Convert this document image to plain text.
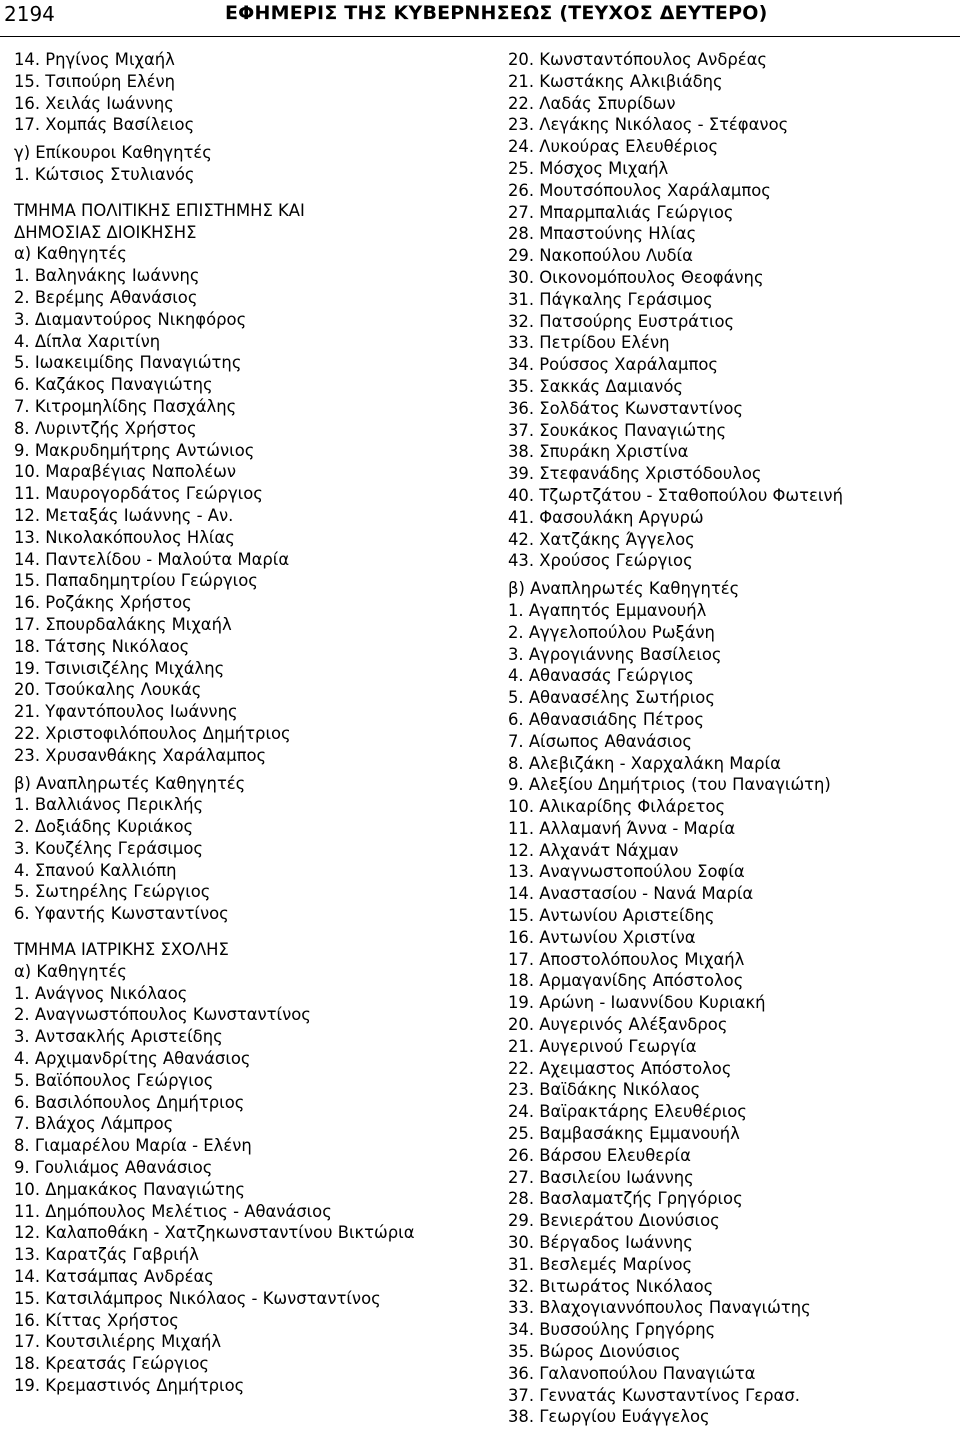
2194	ΕΦΗΜΕΡΙΣ ΤΗΣ ΚΥΒΕΡΝΗΣΕΩΣ (ΤΕΥΧΟΣ ΔΕΥΤΕΡΟ)
14. Ρηγίνος Μιχαήλ
15. Τσιπούρη Ελένη
16. Χειλάς Ιωάννης
17. Χομπάς Βασίλειος
γ) Επίκουροι Καθηγητές
1. Κώτσιος Στυλιανός
ΤΜΗΜΑ ΠΟΛΙΤΙΚΗΣ ΕΠΙΣΤΗΜΗΣ ΚΑΙ
ΔΗΜΟΣΙΑΣ ΔΙΟΙΚΗΣΗΣ
α) Καθηγητές
1. Βαληνάκης Ιωάννης
2. Βερέμης Αθανάσιος
3. Διαμαντούρος Νικηφόρος
4. Δίπλα Χαριτίνη
5. Ιωακειμίδης Παναγιώτης
6. Καζάκος Παναγιώτης
7. Κιτρομηλίδης Πασχάλης
8. Λυριντζής Χρήστος
9. Μακρυδημήτρης Αντώνιος
10. Μαραβέγιας Ναπολέων
11. Μαυρογορδάτος Γεώργιος
12. Μεταξάς Ιωάννης - Αν.
13. Νικολακόπουλος Ηλίας
14. Παντελίδου - Μαλούτα Μαρία
15. Παπαδημητρίου Γεώργιος
16. Ροζάκης Χρήστος
17. Σπουρδαλάκης Μιχαήλ
18. Τάτσης Νικόλαος
19. Τσινισιζέλης Μιχάλης
20. Τσούκαλης Λουκάς
21. Υφαντόπουλος Ιωάννης
22. Χριστοφιλόπουλος Δημήτριος
23. Χρυσανθάκης Χαράλαμπος
β) Αναπληρωτές Καθηγητές
1. Βαλλιάνος Περικλής
2. Δοξιάδης Κυριάκος
3. Κουζέλης Γεράσιμος
4. Σπανού Καλλιόπη
5. Σωτηρέλης Γεώργιος
6. Υφαντής Κωνσταντίνος
ΤΜΗΜΑ ΙΑΤΡΙΚΗΣ ΣΧΟΛΗΣ
α) Καθηγητές
1. Ανάγνος Νικόλαος
2. Αναγνωστόπουλος Κωνσταντίνος
3. Αντσακλής Αριστείδης
4. Αρχιμανδρίτης Αθανάσιος
5. Βαϊόπουλος Γεώργιος
6. Βασιλόπουλος Δημήτριος
7. Βλάχος Λάμπρος
8. Γιαμαρέλου Μαρία - Ελένη
9. Γουλιάμος Αθανάσιος
10. Δημακάκος Παναγιώτης
11. Δημόπουλος Μελέτιος - Αθανάσιος
12. Καλαποθάκη - Χατζηκωνσταντίνου Βικτώρια
13. Καρατζάς Γαβριήλ
14. Κατσάμπας Ανδρέας
15. Κατσιλάμπρος Νικόλαος - Κωνσταντίνος
16. Κίττας Χρήστος
17. Κουτσιλιέρης Μιχαήλ
18. Κρεατσάς Γεώργιος
19. Κρεμαστινός Δημήτριος
20. Κωνσταντόπουλος Ανδρέας
21. Κωστάκης Αλκιβιάδης
22. Λαδάς Σπυρίδων
23. Λεγάκης Νικόλαος - Στέφανος
24. Λυκούρας Ελευθέριος
25. Μόσχος Μιχαήλ
26. Μουτσόπουλος Χαράλαμπος
27. Μπαρμπαλιάς Γεώργιος
28. Μπαστούνης Ηλίας
29. Νακοπούλου Λυδία
30. Οικονομόπουλος Θεοφάνης
31. Πάγκαλης Γεράσιμος
32. Πατσούρης Ευστράτιος
33. Πετρίδου Ελένη
34. Ρούσσος Χαράλαμπος
35. Σακκάς Δαμιανός
36. Σολδάτος Κωνσταντίνος
37. Σουκάκος Παναγιώτης
38. Σπυράκη Χριστίνα
39. Στεφανάδης Χριστόδουλος
40. Τζωρτζάτου - Σταθοπούλου Φωτεινή
41. Φασουλάκη Αργυρώ
42. Χατζάκης Άγγελος
43. Χρούσος Γεώργιος
β) Αναπληρωτές Καθηγητές
1. Αγαπητός Εμμανουήλ
2. Αγγελοπούλου Ρωξάνη
3. Αγρογιάννης Βασίλειος
4. Αθανασάς Γεώργιος
5. Αθανασέλης Σωτήριος
6. Αθανασιάδης Πέτρος
7. Αίσωπος Αθανάσιος
8. Αλεβιζάκη - Χαρχαλάκη Μαρία
9. Αλεξίου Δημήτριος (του Παναγιώτη)
10. Αλικαρίδης Φιλάρετος
11. Αλλαμανή Άννα - Μαρία
12. Αλχανάτ Νάχμαν
13. Αναγνωστοπούλου Σοφία
14. Αναστασίου - Νανά Μαρία
15. Αντωνίου Αριστείδης
16. Αντωνίου Χριστίνα
17. Αποστολόπουλος Μιχαήλ
18. Αρμαγανίδης Απόστολος
19. Αρώνη - Ιωαννίδου Κυριακή
20. Αυγερινός Αλέξανδρος
21. Αυγερινού Γεωργία
22. Αχειμαστος Απόστολος
23. Βαϊδάκης Νικόλαος
24. Βαϊρακτάρης Ελευθέριος
25. Βαμβασάκης Εμμανουήλ
26. Βάρσου Ελευθερία
27. Βασιλείου Ιωάννης
28. Βασλαματζής Γρηγόριος
29. Βενιεράτου Διονύσιος
30. Βέργαδος Ιωάννης
31. Βεσλεμές Μαρίνος
32. Βιτωράτος Νικόλαος
33. Βλαχογιαννόπουλος Παναγιώτης
34. Βυσσούλης Γρηγόρης
35. Βώρος Διονύσιος
36. Γαλανοπούλου Παναγιώτα
37. Γεννατάς Κωνσταντίνος Γερασ.
38. Γεωργίου Ευάγγελος
